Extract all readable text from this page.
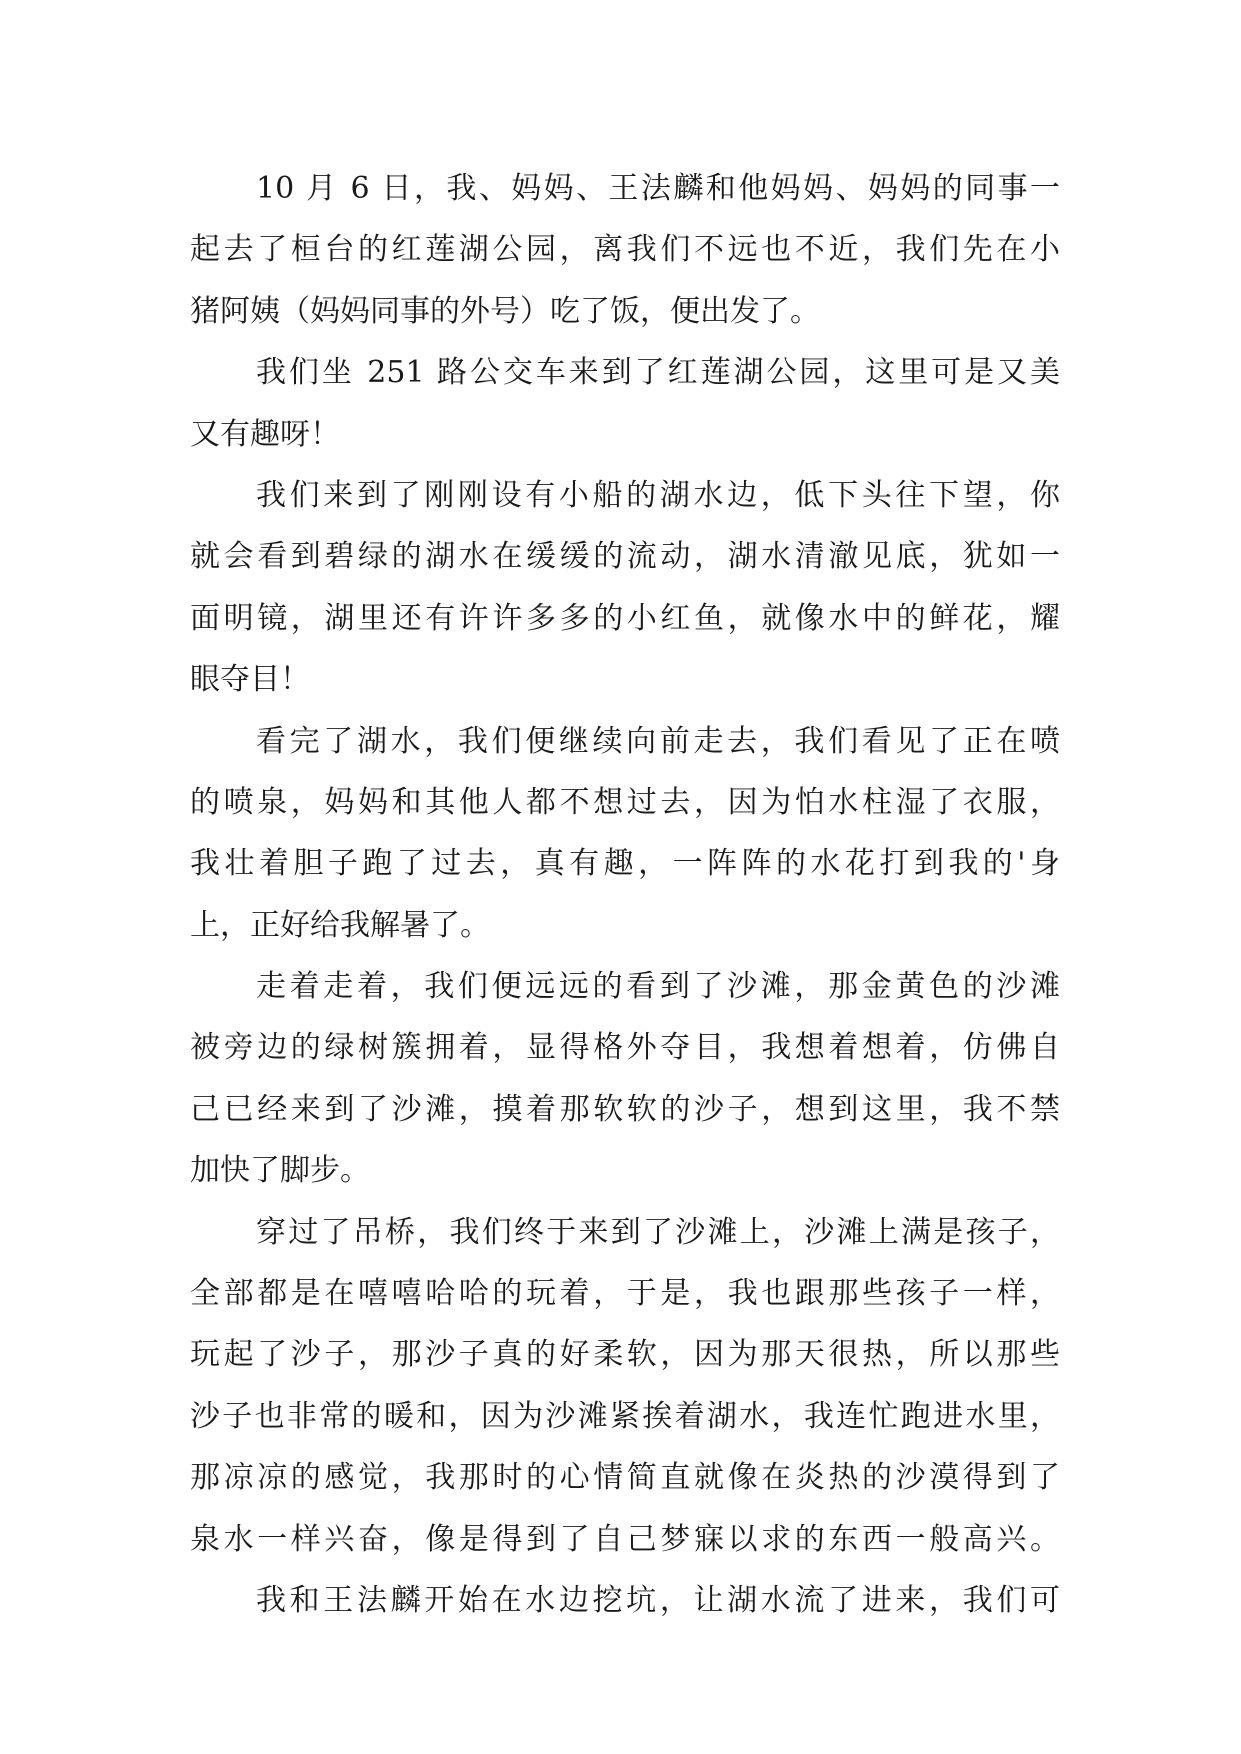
10 月 6 日，我、妈妈、王法麟和他妈妈、妈妈的同事一
起去了桓台的红莲湖公园，离我们不远也不近，我们先在小
猪阿姨（妈妈同事的外号）吃了饭，便出发了。
我们坐 251 路公交车来到了红莲湖公园，这里可是又美
又有趣呀！
我们来到了刚刚设有小船的湖水边，低下头往下望，你
就会看到碧绿的湖水在缓缓的流动，湖水清澈见底，犹如一
面明镜，湖里还有许许多多的小红鱼，就像水中的鲜花，耀
眼夺目！
看完了湖水，我们便继续向前走去，我们看见了正在喷
的喷泉，妈妈和其他人都不想过去，因为怕水柱湿了衣服，
我壮着胆子跑了过去，真有趣，一阵阵的水花打到我的'身
上，正好给我解暑了。
走着走着，我们便远远的看到了沙滩，那金黄色的沙滩
被旁边的绿树簇拥着，显得格外夺目，我想着想着，仿佛自
己已经来到了沙滩，摸着那软软的沙子，想到这里，我不禁
加快了脚步。
穿过了吊桥，我们终于来到了沙滩上，沙滩上满是孩子，
全部都是在嘻嘻哈哈的玩着，于是，我也跟那些孩子一样，
玩起了沙子，那沙子真的好柔软，因为那天很热，所以那些
沙子也非常的暖和，因为沙滩紧挨着湖水，我连忙跑进水里，
那凉凉的感觉，我那时的心情简直就像在炎热的沙漠得到了
泉水一样兴奋，像是得到了自己梦寐以求的东西一般高兴。
我和王法麟开始在水边挖坑，让湖水流了进来，我们可
